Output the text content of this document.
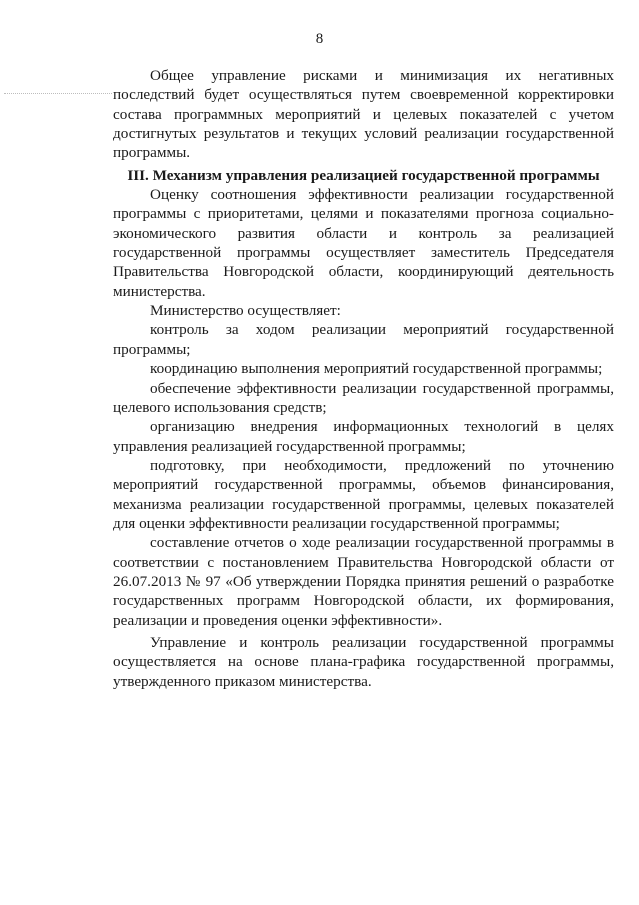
8

Общее управление рисками и минимизация их негативных последствий будет осуществляться путем своевременной корректировки состава программных мероприятий и целевых показателей с учетом достигнутых результатов и текущих условий реализации государственной программы.

III. Механизм управления реализацией государственной программы

Оценку соотношения эффективности реализации государственной программы с приоритетами, целями и показателями прогноза социально-экономического развития области и контроль за реализацией государственной программы осуществляет заместитель Председателя Правительства Новгородской области, координирующий деятельность министерства.

Министерство осуществляет:

контроль за ходом реализации мероприятий государственной программы;

координацию выполнения мероприятий государственной программы;

обеспечение эффективности реализации государственной программы, целевого использования средств;

организацию внедрения информационных технологий в целях управления реализацией государственной программы;

подготовку, при необходимости, предложений по уточнению мероприятий государственной программы, объемов финансирования, механизма реализации государственной программы, целевых показателей для оценки эффективности реализации государственной программы;

составление отчетов о ходе реализации государственной программы в соответствии с постановлением Правительства Новгородской области от 26.07.2013 № 97 «Об утверждении Порядка принятия решений о разработке государственных программ Новгородской области, их формирования, реализации и проведения оценки эффективности».

Управление и контроль реализации государственной программы осуществляется на основе плана-графика государственной программы, утвержденного приказом министерства.
